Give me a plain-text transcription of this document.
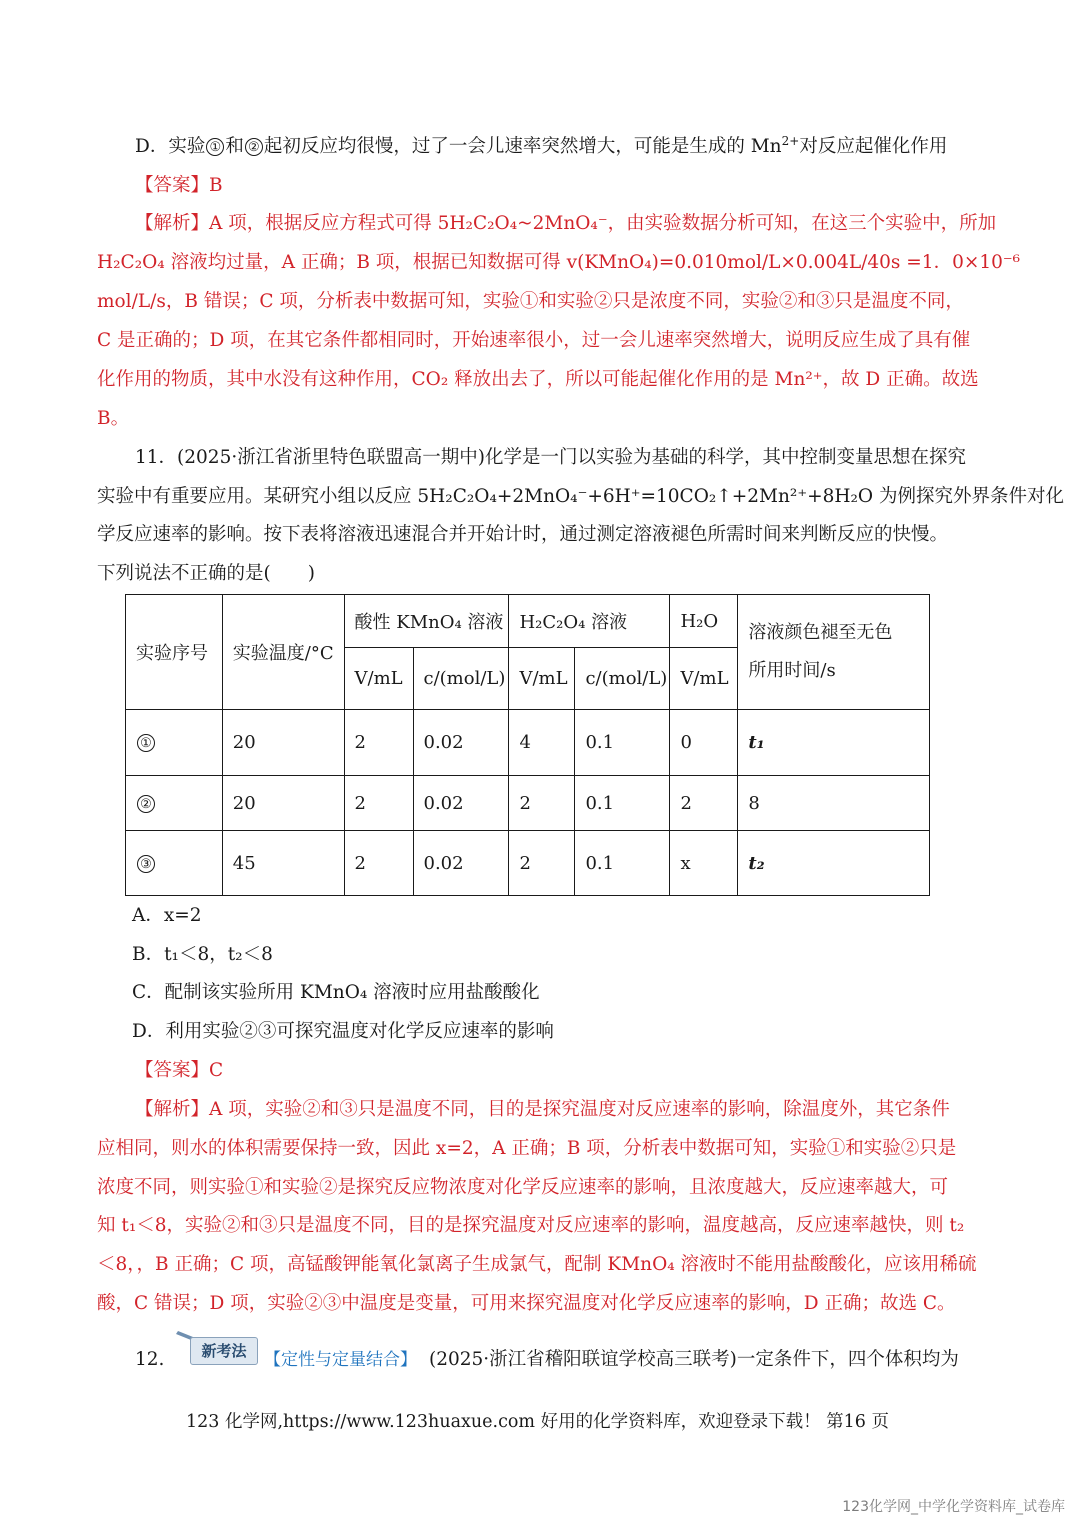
D．实验 ① 和 ② 起初反应均很慢，过了一会儿速率突然增大，可能是生成的 $Mn^{2+}$对反应起催化作用
【答案】B
【解析】A 项，根据反应方程式可得 5H₂C₂O₄~2MnO₄⁻，由实验数据分析可知，在这三个实验中，所加
H₂C₂O₄ 溶液均过量，A 正确；B 项，根据已知数据可得 v(KMnO₄)=0.010mol/L×0.004L/40s =1．0×10⁻⁶
mol/L/s，B 错误；C 项，分析表中数据可知，实验①和实验②只是浓度不同，实验②和③只是温度不同，
C 是正确的；D 项，在其它条件都相同时，开始速率很小，过一会儿速率突然增大，说明反应生成了具有催
化作用的物质，其中水没有这种作用，CO₂ 释放出去了，所以可能起催化作用的是 Mn²⁺，故 D 正确。故选
B。
11．(2025·浙江省浙里特色联盟高一期中)化学是一门以实验为基础的科学，其中控制变量思想在探究
实验中有重要应用。某研究小组以反应 5H₂C₂O₄+2MnO₄⁻+6H⁺=10CO₂↑+2Mn²⁺+8H₂O 为例探究外界条件对化
学反应速率的影响。按下表将溶液迅速混合并开始计时，通过测定溶液褪色所需时间来判断反应的快慢。
下列说法不正确的是(　　)
实验序号	实验温度/°C	酸性 KMnO₄ 溶液		H₂C₂O₄ 溶液		H₂O	溶液颜色褪至无色
所用时间/s

		V/mL	c/(mol/L)	V/mL	c/(mol/L)	V/mL	
①	20	2	0.02	4	0.1	0	t₁
②	20	2	0.02	2	0.1	2	8
③	45	2	0.02	2	0.1	x	t₂
A．x=2
B．t₁＜8，t₂＜8
C．配制该实验所用 KMnO₄ 溶液时应用盐酸酸化
D．利用实验②③可探究温度对化学反应速率的影响
【答案】C
【解析】A 项，实验②和③只是温度不同，目的是探究温度对反应速率的影响，除温度外，其它条件
应相同，则水的体积需要保持一致，因此 x=2，A 正确；B 项，分析表中数据可知，实验①和实验②只是
浓度不同，则实验①和实验②是探究反应物浓度对化学反应速率的影响，且浓度越大，反应速率越大，可
知 t₁＜8，实验②和③只是温度不同，目的是探究温度对反应速率的影响，温度越高，反应速率越快，则 t₂
＜8，，B 正确；C 项，高锰酸钾能氧化氯离子生成氯气，配制 KMnO₄ 溶液时不能用盐酸酸化，应该用稀硫
酸，C 错误；D 项，实验②③中温度是变量，可用来探究温度对化学反应速率的影响，D 正确；故选 C。
12.	新考法	【定性与定量结合】 (2025·浙江省稽阳联谊学校高三联考)一定条件下，四个体积均为
123 化学网,https://www.123huaxue.com 好用的化学资料库，欢迎登录下载！ 第16 页
123化学网_中学化学资料库_试卷库
